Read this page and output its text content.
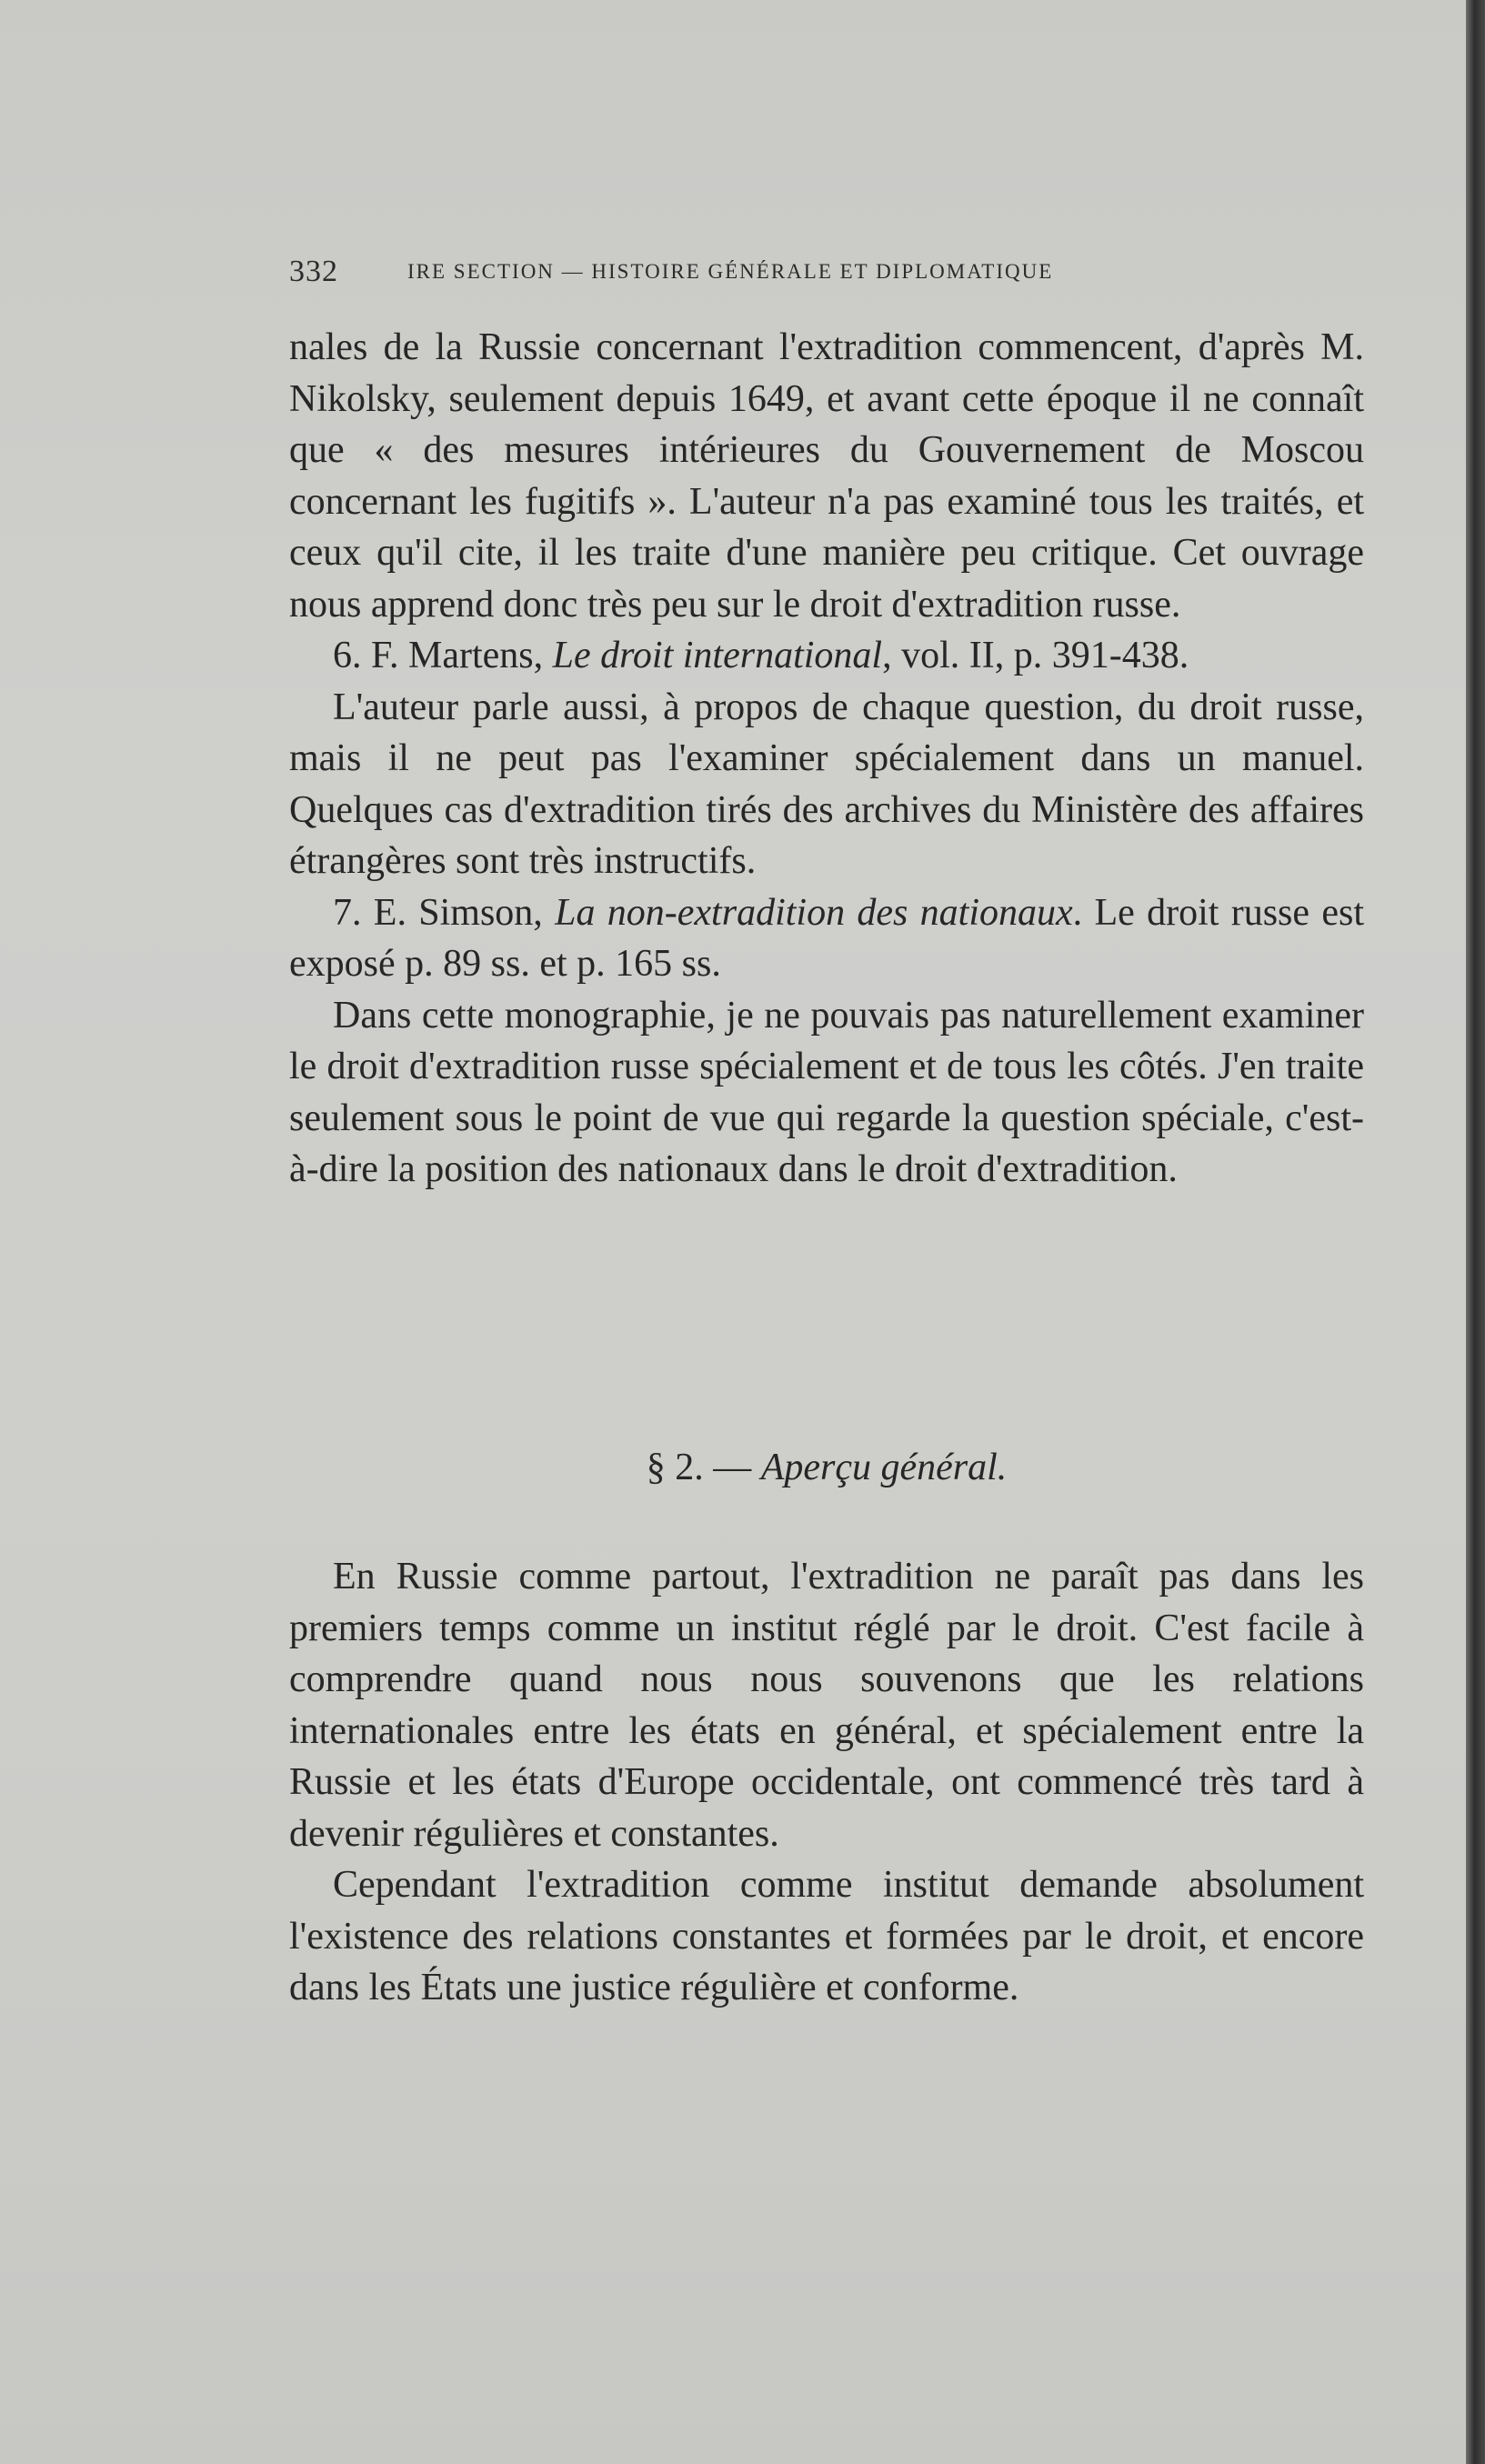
332	IRE SECTION — HISTOIRE GÉNÉRALE ET DIPLOMATIQUE

nales de la Russie concernant l'extradition commencent, d'après M. Nikolsky, seulement depuis 1649, et avant cette époque il ne connaît que « des mesures intérieures du Gouvernement de Moscou concernant les fugitifs ». L'auteur n'a pas examiné tous les traités, et ceux qu'il cite, il les traite d'une manière peu critique. Cet ouvrage nous apprend donc très peu sur le droit d'extradition russe.

6. F. Martens, Le droit international, vol. II, p. 391-438.

L'auteur parle aussi, à propos de chaque question, du droit russe, mais il ne peut pas l'examiner spécialement dans un manuel. Quelques cas d'extradition tirés des archives du Ministère des affaires étrangères sont très instructifs.

7. E. Simson, La non-extradition des nationaux. Le droit russe est exposé p. 89 ss. et p. 165 ss.

Dans cette monographie, je ne pouvais pas naturellement examiner le droit d'extradition russe spécialement et de tous les côtés. J'en traite seulement sous le point de vue qui regarde la question spéciale, c'est-à-dire la position des nationaux dans le droit d'extradition.

§ 2. — Aperçu général.

En Russie comme partout, l'extradition ne paraît pas dans les premiers temps comme un institut réglé par le droit. C'est facile à comprendre quand nous nous souvenons que les relations internationales entre les états en général, et spécialement entre la Russie et les états d'Europe occidentale, ont commencé très tard à devenir régulières et constantes.

Cependant l'extradition comme institut demande absolument l'existence des relations constantes et formées par le droit, et encore dans les États une justice régulière et conforme.
